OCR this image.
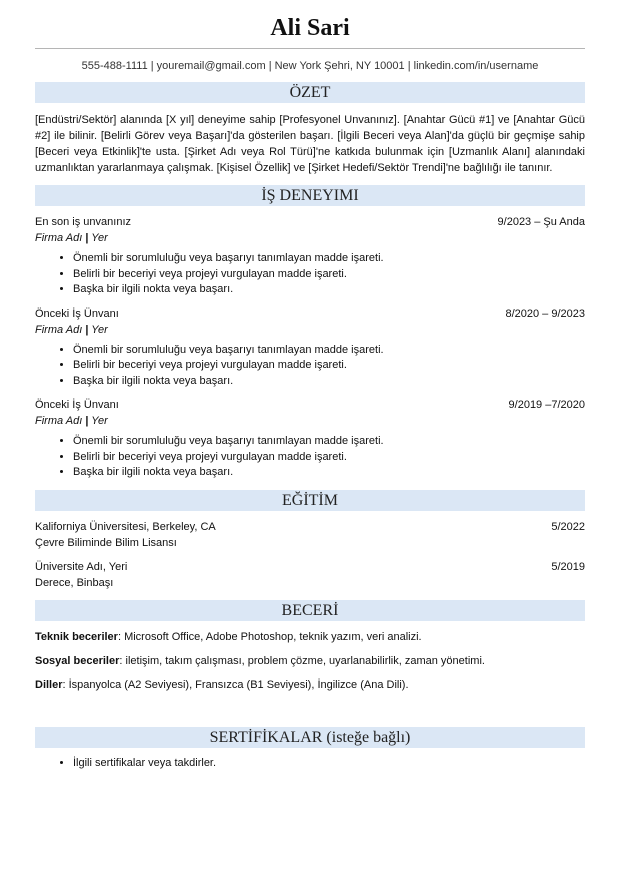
Ali Sari
555-488-1111 | youremail@gmail.com | New York Şehri, NY 10001 | linkedin.com/in/username
ÖZET
[Endüstri/Sektör] alanında [X yıl] deneyime sahip [Profesyonel Unvanınız]. [Anahtar Gücü #1] ve [Anahtar Gücü #2] ile bilinir. [Belirli Görev veya Başarı]'da gösterilen başarı. [İlgili Beceri veya Alan]'da güçlü bir geçmişe sahip [Beceri veya Etkinlik]'te usta. [Şirket Adı veya Rol Türü]'ne katkıda bulunmak için [Uzmanlık Alanı] alanındaki uzmanlıktan yararlanmaya çalışmak. [Kişisel Özellik] ve [Şirket Hedefi/Sektör Trendi]'ne bağlılığı ile tanınır.
İŞ DENEYIMI
En son iş unvanınız	9/2023 – Şu Anda
Firma Adı | Yer
• Önemli bir sorumluluğu veya başarıyı tanımlayan madde işareti.
• Belirli bir beceriyi veya projeyi vurgulayan madde işareti.
• Başka bir ilgili nokta veya başarı.
Önceki İş Ünvanı	8/2020 – 9/2023
Firma Adı | Yer
• Önemli bir sorumluluğu veya başarıyı tanımlayan madde işareti.
• Belirli bir beceriyi veya projeyi vurgulayan madde işareti.
• Başka bir ilgili nokta veya başarı.
Önceki İş Ünvanı	9/2019 –7/2020
Firma Adı | Yer
• Önemli bir sorumluluğu veya başarıyı tanımlayan madde işareti.
• Belirli bir beceriyi veya projeyi vurgulayan madde işareti.
• Başka bir ilgili nokta veya başarı.
EĞİTİM
Kaliforniya Üniversitesi, Berkeley, CA	5/2022
Çevre Biliminde Bilim Lisansı
Üniversite Adı, Yeri	5/2019
Derece, Binbaşı
BECERİ
Teknik beceriler: Microsoft Office, Adobe Photoshop, teknik yazım, veri analizi.
Sosyal beceriler: iletişim, takım çalışması, problem çözme, uyarlanabilirlik, zaman yönetimi.
Diller: İspanyolca (A2 Seviyesi), Fransızca (B1 Seviyesi), İngilizce (Ana Dili).
SERTİFİKALAR (isteğe bağlı)
• İlgili sertifikalar veya takdirler.
